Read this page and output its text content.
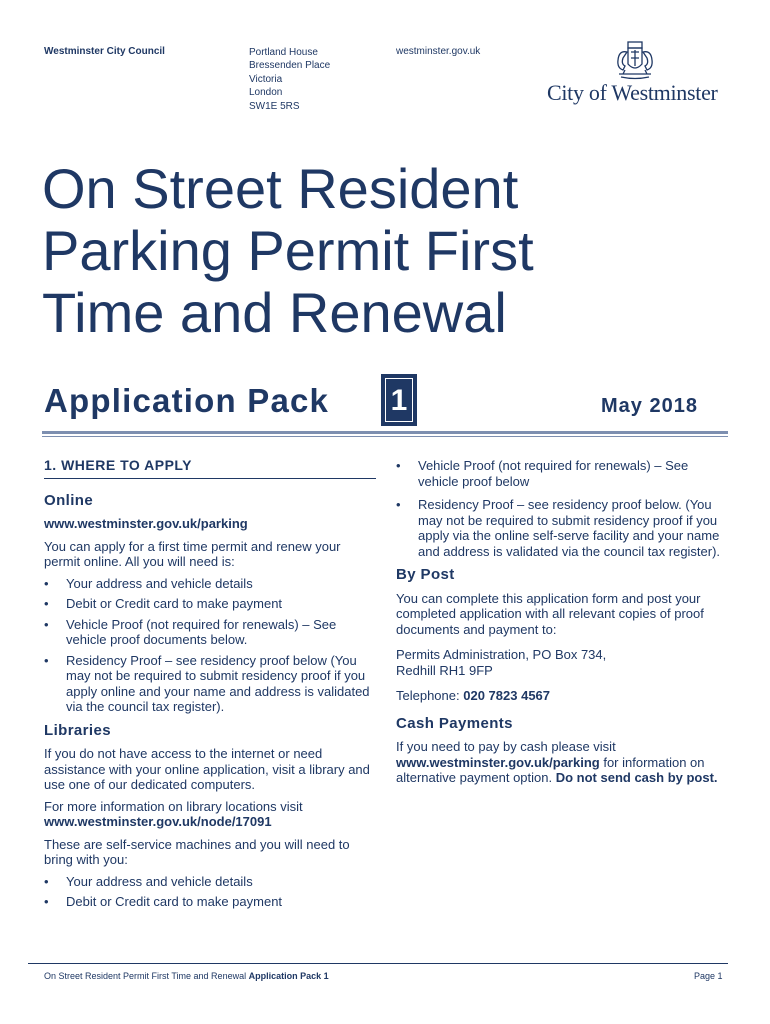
Westminster City Council	Portland House
Bressenden Place
Victoria
London
SW1E 5RS
westminster.gov.uk
City of Westminster
On Street Resident Parking Permit First Time and Renewal
Application Pack 1	May 2018
1. WHERE TO APPLY
Online
www.westminster.gov.uk/parking
You can apply for a first time permit and renew your permit online. All you will need is:
• Your address and vehicle details
• Debit or Credit card to make payment
• Vehicle Proof (not required for renewals) – See vehicle proof documents below.
• Residency Proof – see residency proof below (You may not be required to submit residency proof if you apply online and your name and address is validated via the council tax register).
Libraries
If you do not have access to the internet or need assistance with your online application, visit a library and use one of our dedicated computers.
For more information on library locations visit
www.westminster.gov.uk/node/17091
These are self-service machines and you will need to bring with you:
• Your address and vehicle details
• Debit or Credit card to make payment
• Vehicle Proof (not required for renewals) – See vehicle proof below
• Residency Proof – see residency proof below. (You may not be required to submit residency proof if you apply via the online self-serve facility and your name and address is validated via the council tax register).
By Post
You can complete this application form and post your completed application with all relevant copies of proof documents and payment to:
Permits Administration, PO Box 734,
Redhill RH1 9FP
Telephone: 020 7823 4567
Cash Payments
If you need to pay by cash please visit www.westminster.gov.uk/parking for information on alternative payment option. Do not send cash by post.
On Street Resident Permit First Time and Renewal Application Pack 1	Page 1
